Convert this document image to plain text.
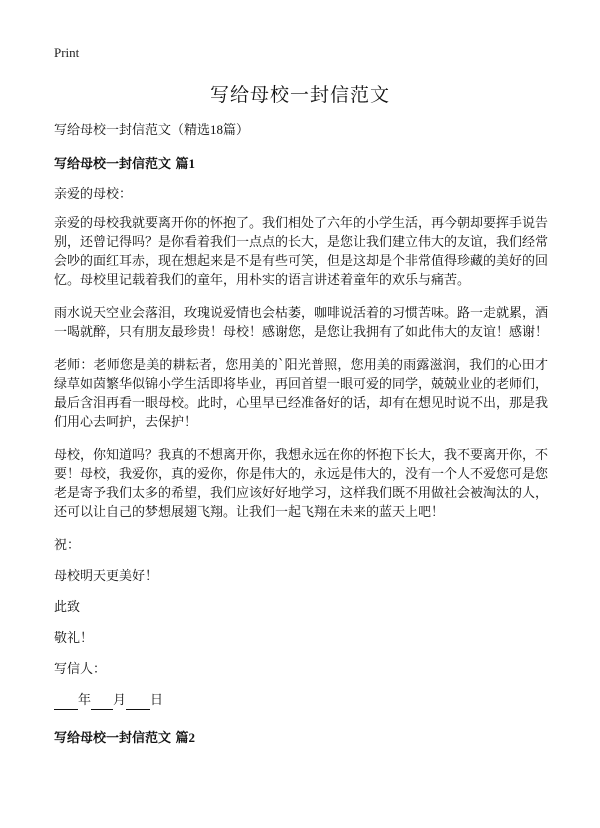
Print
写给母校一封信范文

写给母校一封信范文（精选18篇）

写给母校一封信范文 篇1

亲爱的母校：

亲爱的母校我就要离开你的怀抱了。我们相处了六年的小学生活，再今朝却要挥手说告别，还曾记得吗？是你看着我们一点点的长大，是您让我们建立伟大的友谊，我们经常会吵的面红耳赤，现在想起来是不是有些可笑，但是这却是个非常值得珍藏的美好的回忆。母校里记载着我们的童年，用朴实的语言讲述着童年的欢乐与痛苦。

雨水说天空业会落泪，玫瑰说爱情也会枯萎，咖啡说活着的习惯苦味。路一走就累，酒一喝就醉，只有朋友最珍贵！母校！感谢您，是您让我拥有了如此伟大的友谊！感谢！

老师：老师您是美的耕耘者，您用美的`阳光普照，您用美的雨露滋润，我们的心田才绿草如茵繁华似锦小学生活即将毕业，再回首望一眼可爱的同学，兢兢业业的老师们，最后含泪再看一眼母校。此时，心里早已经准备好的话，却有在想见时说不出，那是我们用心去呵护，去保护！

母校，你知道吗？我真的不想离开你，我想永远在你的怀抱下长大，我不要离开你，不要！母校，我爱你，真的爱你，你是伟大的，永远是伟大的，没有一个人不爱您可是您老是寄予我们太多的希望，我们应该好好地学习，这样我们既不用做社会被淘汰的人，还可以让自己的梦想展翅飞翔。让我们一起飞翔在未来的蓝天上吧！

祝：

母校明天更美好！

此致

敬礼！

写信人：

年 月 日

写给母校一封信范文 篇2
